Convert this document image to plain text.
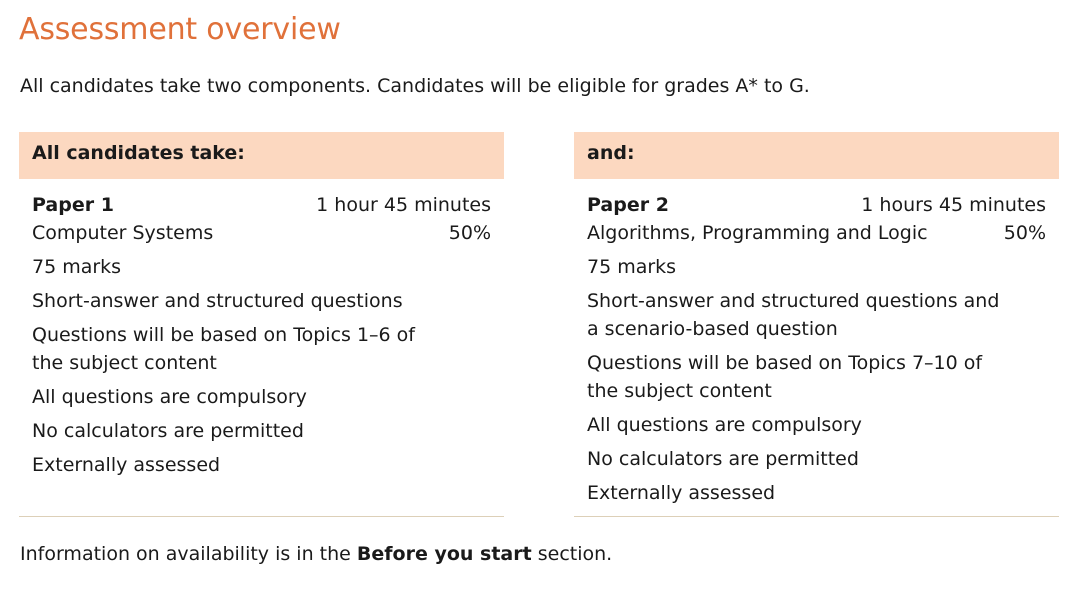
Assessment overview

All candidates take two components. Candidates will be eligible for grades A* to G.

All candidates take:
Paper 1	1 hour 45 minutes
Computer Systems	50%
75 marks
Short-answer and structured questions
Questions will be based on Topics 1–6 of the subject content
All questions are compulsory
No calculators are permitted
Externally assessed
and:
Paper 2	1 hours 45 minutes
Algorithms, Programming and Logic	50%
75 marks
Short-answer and structured questions and a scenario-based question
Questions will be based on Topics 7–10 of the subject content
All questions are compulsory
No calculators are permitted
Externally assessed

Information on availability is in the Before you start section.
